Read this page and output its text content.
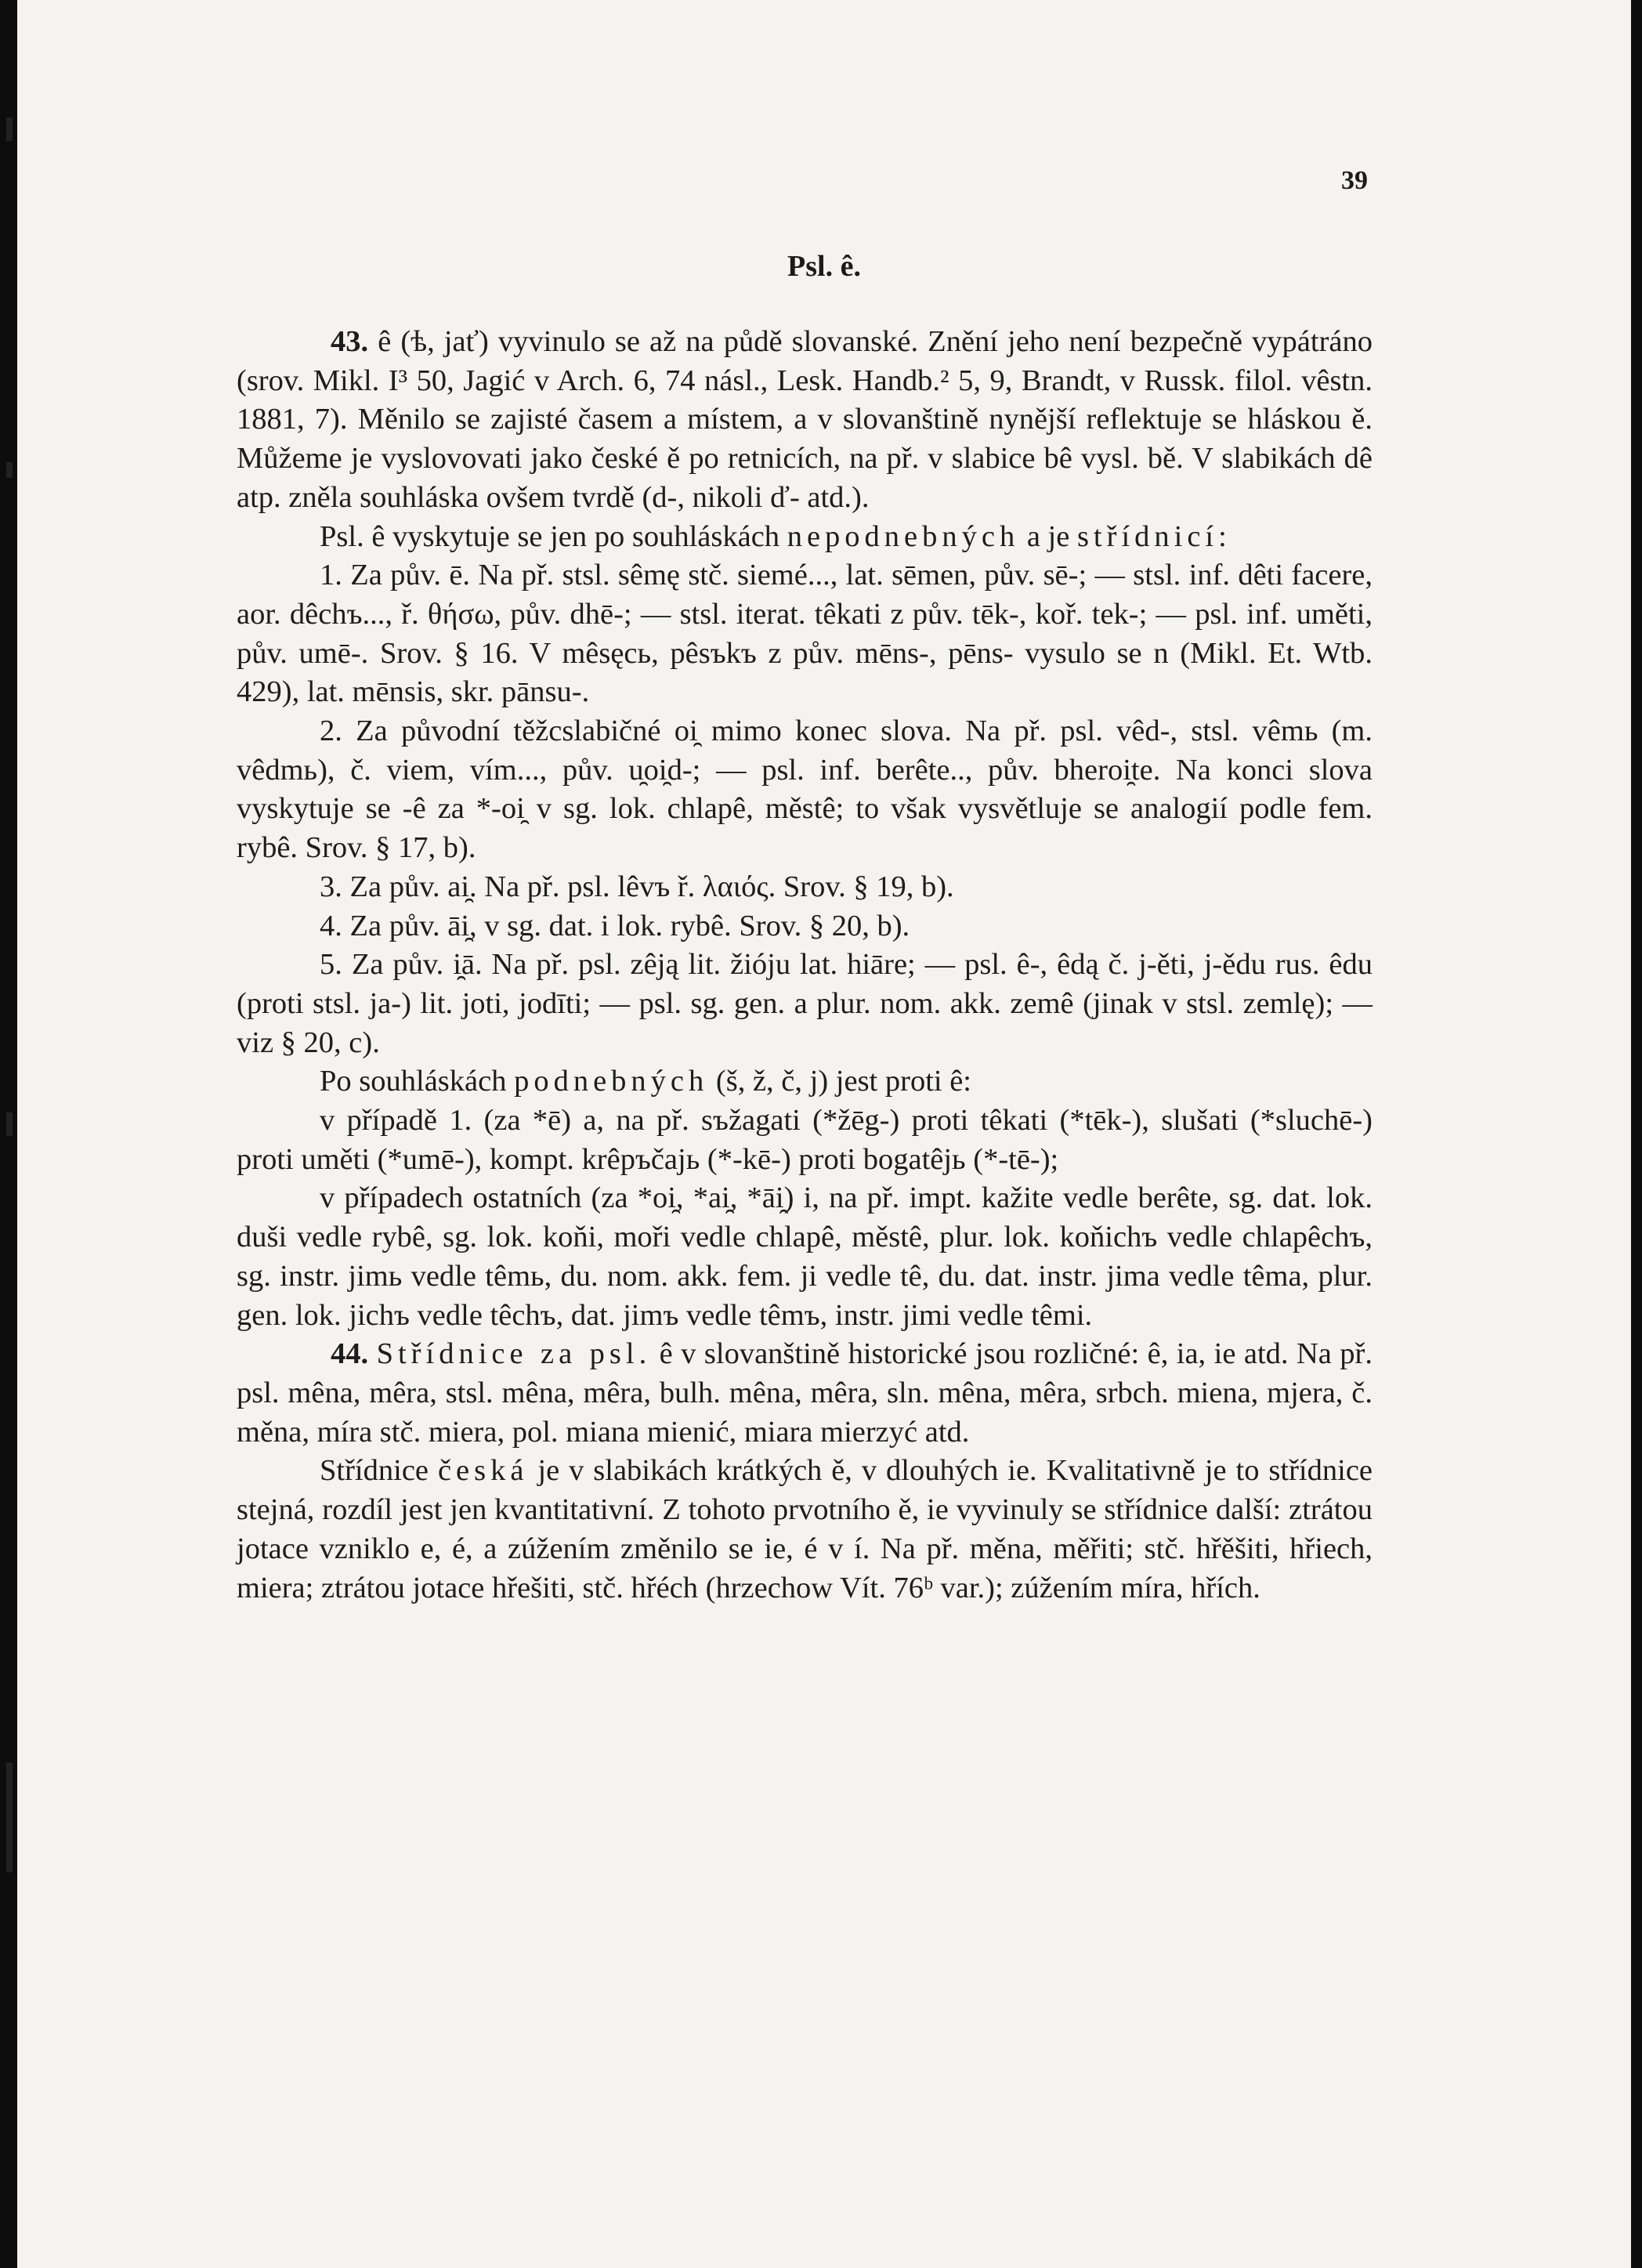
39
Psl. ê.

43. ê (ѣ, jať) vyvinulo se až na půdě slovanské. Znění jeho není bezpečně vypátráno (srov. Mikl. I³ 50, Jagić v Arch. 6, 74 násl., Lesk. Handb.² 5, 9, Brandt, v Russk. filol. vêstn. 1881, 7). Měnilo se zajisté časem a místem, a v slovanštině nynější reflektuje se hláskou ě. Můžeme je vyslovovati jako české ě po retnicích, na př. v slabice bê vysl. bě. V slabikách dê atp. zněla souhláska ovšem tvrdě (d-, nikoli ď- atd.).

Psl. ê vyskytuje se jen po souhláskách nepodnebných a je střídnicí:

1. Za pův. ē. Na př. stsl. sêmę stč. siemé..., lat. sēmen, pův. sē-; — stsl. inf. dêti facere, aor. dêchъ..., ř. θήσω, pův. dhē-; — stsl. iterat. têkati z pův. tēk-, koř. tek-; — psl. inf. uměti, pův. umē-. Srov. § 16. V mêsęcь, pêsъkъ z pův. mēns-, pēns- vysulo se n (Mikl. Et. Wtb. 429), lat. mēnsis, skr. pānsu-.

2. Za původní těžcslabičné oi̯ mimo konec slova. Na př. psl. vêd-, stsl. vêmь (m. vêdmь), č. viem, vím..., pův. u̯oi̯d-; — psl. inf. berête.., pův. bheroi̯te. Na konci slova vyskytuje se -ê za *-oi̯ v sg. lok. chlapê, městê; to však vysvětluje se analogií podle fem. rybê. Srov. § 17, b).

3. Za pův. ai̯. Na př. psl. lêvъ ř. λαιός. Srov. § 19, b).

4. Za pův. āi̯, v sg. dat. i lok. rybê. Srov. § 20, b).

5. Za pův. i̯ā. Na př. psl. zêją lit. žióju lat. hiāre; — psl. ê-, êdą č. j-ěti, j-ědu rus. êdu (proti stsl. ja-) lit. joti, jodīti; — psl. sg. gen. a plur. nom. akk. zemê (jinak v stsl. zemlę); — viz § 20, c).

Po souhláskách podnebných (š, ž, č, j) jest proti ê:

v případě 1. (za *ē) a, na př. sъžagati (*žēg-) proti têkati (*tēk-), slušati (*sluchē-) proti uměti (*umē-), kompt. krêpъčajь (*-kē-) proti bogatêjь (*-tē-);

v případech ostatních (za *oi̯, *ai̯, *āi̯) i, na př. impt. kažite vedle berête, sg. dat. lok. duši vedle rybê, sg. lok. koňi, moři vedle chlapê, městê, plur. lok. koňichъ vedle chlapêchъ, sg. instr. jimь vedle têmь, du. nom. akk. fem. ji vedle tê, du. dat. instr. jima vedle têma, plur. gen. lok. jichъ vedle têchъ, dat. jimъ vedle têmъ, instr. jimi vedle têmi.

44. Střídnice za psl. ê v slovanštině historické jsou rozličné: ê, ia, ie atd. Na př. psl. mêna, mêra, stsl. mêna, mêra, bulh. mêna, mêra, sln. mêna, mêra, srbch. miena, mjera, č. měna, míra stč. miera, pol. miana mienić, miara mierzyć atd.

Střídnice česká je v slabikách krátkých ě, v dlouhých ie. Kvalitativně je to střídnice stejná, rozdíl jest jen kvantitativní. Z tohoto prvotního ě, ie vyvinuly se střídnice další: ztrátou jotace vzniklo e, é, a zúžením změnilo se ie, é v í. Na př. měna, měřiti; stč. hřěšiti, hřiech, miera; ztrátou jotace hřešiti, stč. hřéch (hrzechow Vít. 76ᵇ var.); zúžením míra, hřích.
